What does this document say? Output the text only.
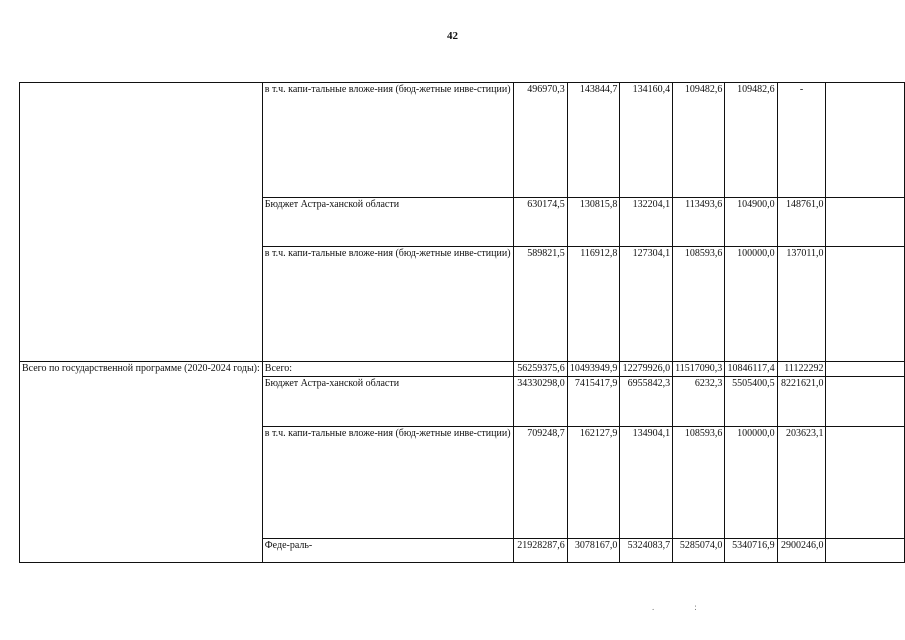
42
	в т.ч. капи-тальные вложе-ния (бюд-жетные инве-стиции)	496970,3	143844,7	134160,4	109482,6	109482,6	-	
	Бюджет Астра-ханской области	630174,5	130815,8	132204,1	113493,6	104900,0	148761,0	
	в т.ч. капи-тальные вложе-ния (бюд-жетные инве-стиции)	589821,5	116912,8	127304,1	108593,6	100000,0	137011,0	
Всего по государственной программе (2020-2024 годы):	Всего:	56259375,6	10493949,9	12279926,0	11517090,3	10846117,4	11122292	
	Бюджет Астра-ханской области	34330298,0	7415417,9	6955842,3	6232,3	5505400,5	8221621,0	
	в т.ч. капи-тальные вложе-ния (бюд-жетные инве-стиции)	709248,7	162127,9	134904,1	108593,6	100000,0	203623,1	
	Феде-раль-	21928287,6	3078167,0	5324083,7	5285074,0	5340716,9	2900246,0	
.:
